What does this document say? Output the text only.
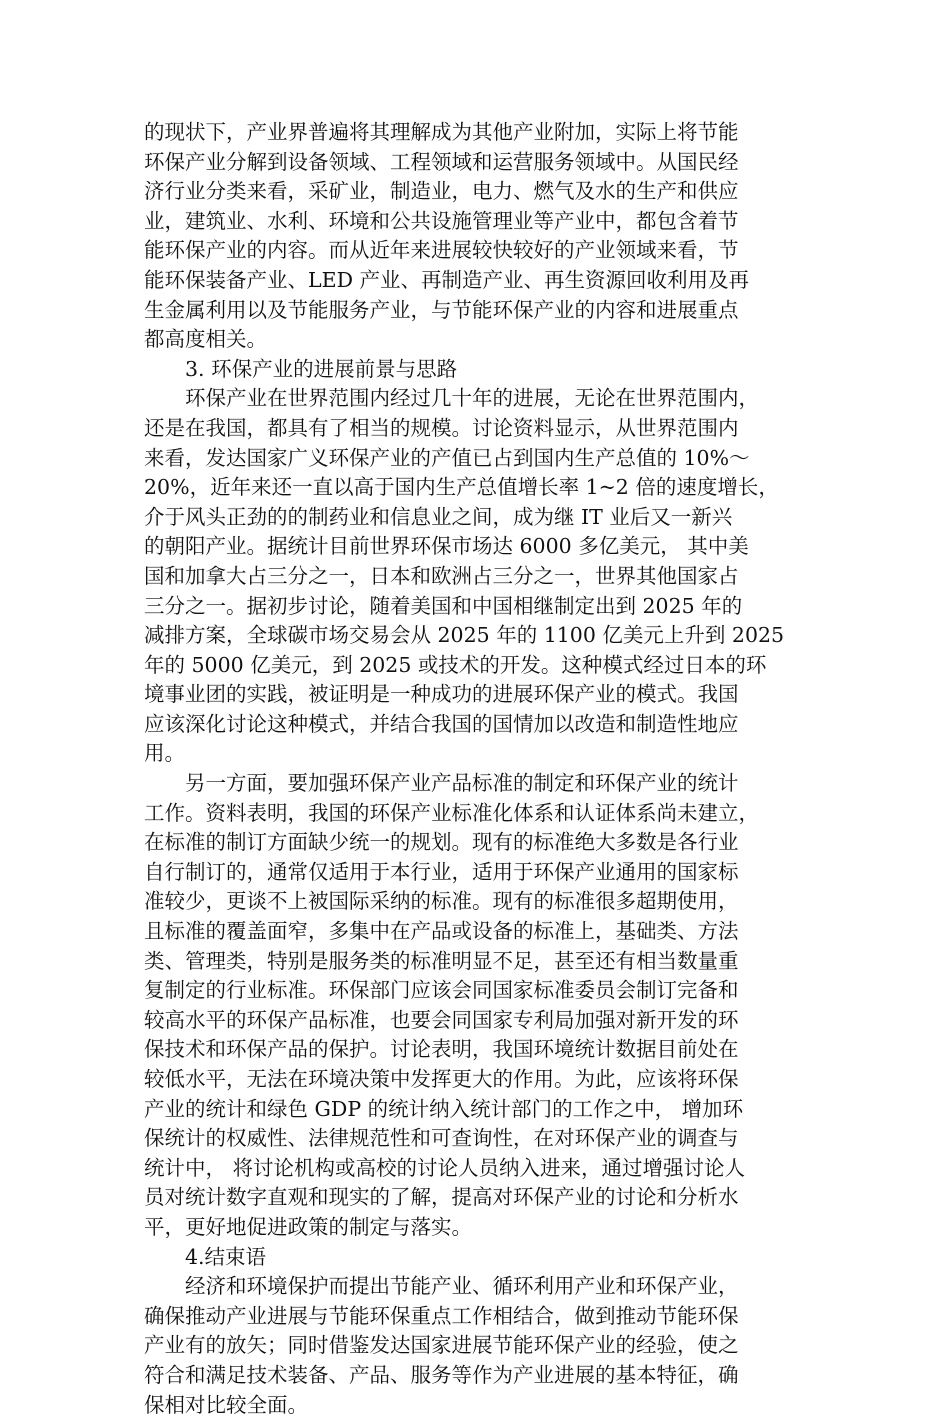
的现状下，产业界普遍将其理解成为其他产业附加，实际上将节能
环保产业分解到设备领域、工程领域和运营服务领域中。从国民经
济行业分类来看，采矿业，制造业，电力、燃气及水的生产和供应
业，建筑业、水利、环境和公共设施管理业等产业中，都包含着节
能环保产业的内容。而从近年来进展较快较好的产业领域来看，节
能环保装备产业、LED 产业、再制造产业、再生资源回收利用及再
生金属利用以及节能服务产业，与节能环保产业的内容和进展重点
都高度相关。
3. 环保产业的进展前景与思路
环保产业在世界范围内经过几十年的进展，无论在世界范围内，
还是在我国，都具有了相当的规模。讨论资料显示，从世界范围内
来看，发达国家广义环保产业的产值已占到国内生产总值的 10%～
20%，近年来还一直以高于国内生产总值增长率 1~2 倍的速度增长，
介于风头正劲的的制药业和信息业之间，成为继 IT 业后又一新兴
的朝阳产业。据统计目前世界环保市场达 6000 多亿美元， 其中美
国和加拿大占三分之一，日本和欧洲占三分之一，世界其他国家占
三分之一。据初步讨论，随着美国和中国相继制定出到 2025 年的
减排方案，全球碳市场交易会从 2025 年的 1100 亿美元上升到 2025
年的 5000 亿美元，到 2025 或技术的开发。这种模式经过日本的环
境事业团的实践，被证明是一种成功的进展环保产业的模式。我国
应该深化讨论这种模式，并结合我国的国情加以改造和制造性地应
用。
另一方面，要加强环保产业产品标准的制定和环保产业的统计
工作。资料表明，我国的环保产业标准化体系和认证体系尚未建立，
在标准的制订方面缺少统一的规划。现有的标准绝大多数是各行业
自行制订的，通常仅适用于本行业，适用于环保产业通用的国家标
准较少，更谈不上被国际采纳的标准。现有的标准很多超期使用，
且标准的覆盖面窄，多集中在产品或设备的标准上，基础类、方法
类、管理类，特别是服务类的标准明显不足，甚至还有相当数量重
复制定的行业标准。环保部门应该会同国家标准委员会制订完备和
较高水平的环保产品标准，也要会同国家专利局加强对新开发的环
保技术和环保产品的保护。讨论表明，我国环境统计数据目前处在
较低水平，无法在环境决策中发挥更大的作用。为此，应该将环保
产业的统计和绿色 GDP 的统计纳入统计部门的工作之中， 增加环
保统计的权威性、法律规范性和可查询性，在对环保产业的调查与
统计中， 将讨论机构或高校的讨论人员纳入进来，通过增强讨论人
员对统计数字直观和现实的了解，提高对环保产业的讨论和分析水
平，更好地促进政策的制定与落实。
4.结束语
经济和环境保护而提出节能产业、循环利用产业和环保产业，
确保推动产业进展与节能环保重点工作相结合，做到推动节能环保
产业有的放矢；同时借鉴发达国家进展节能环保产业的经验，使之
符合和满足技术装备、产品、服务等作为产业进展的基本特征，确
保相对比较全面。
